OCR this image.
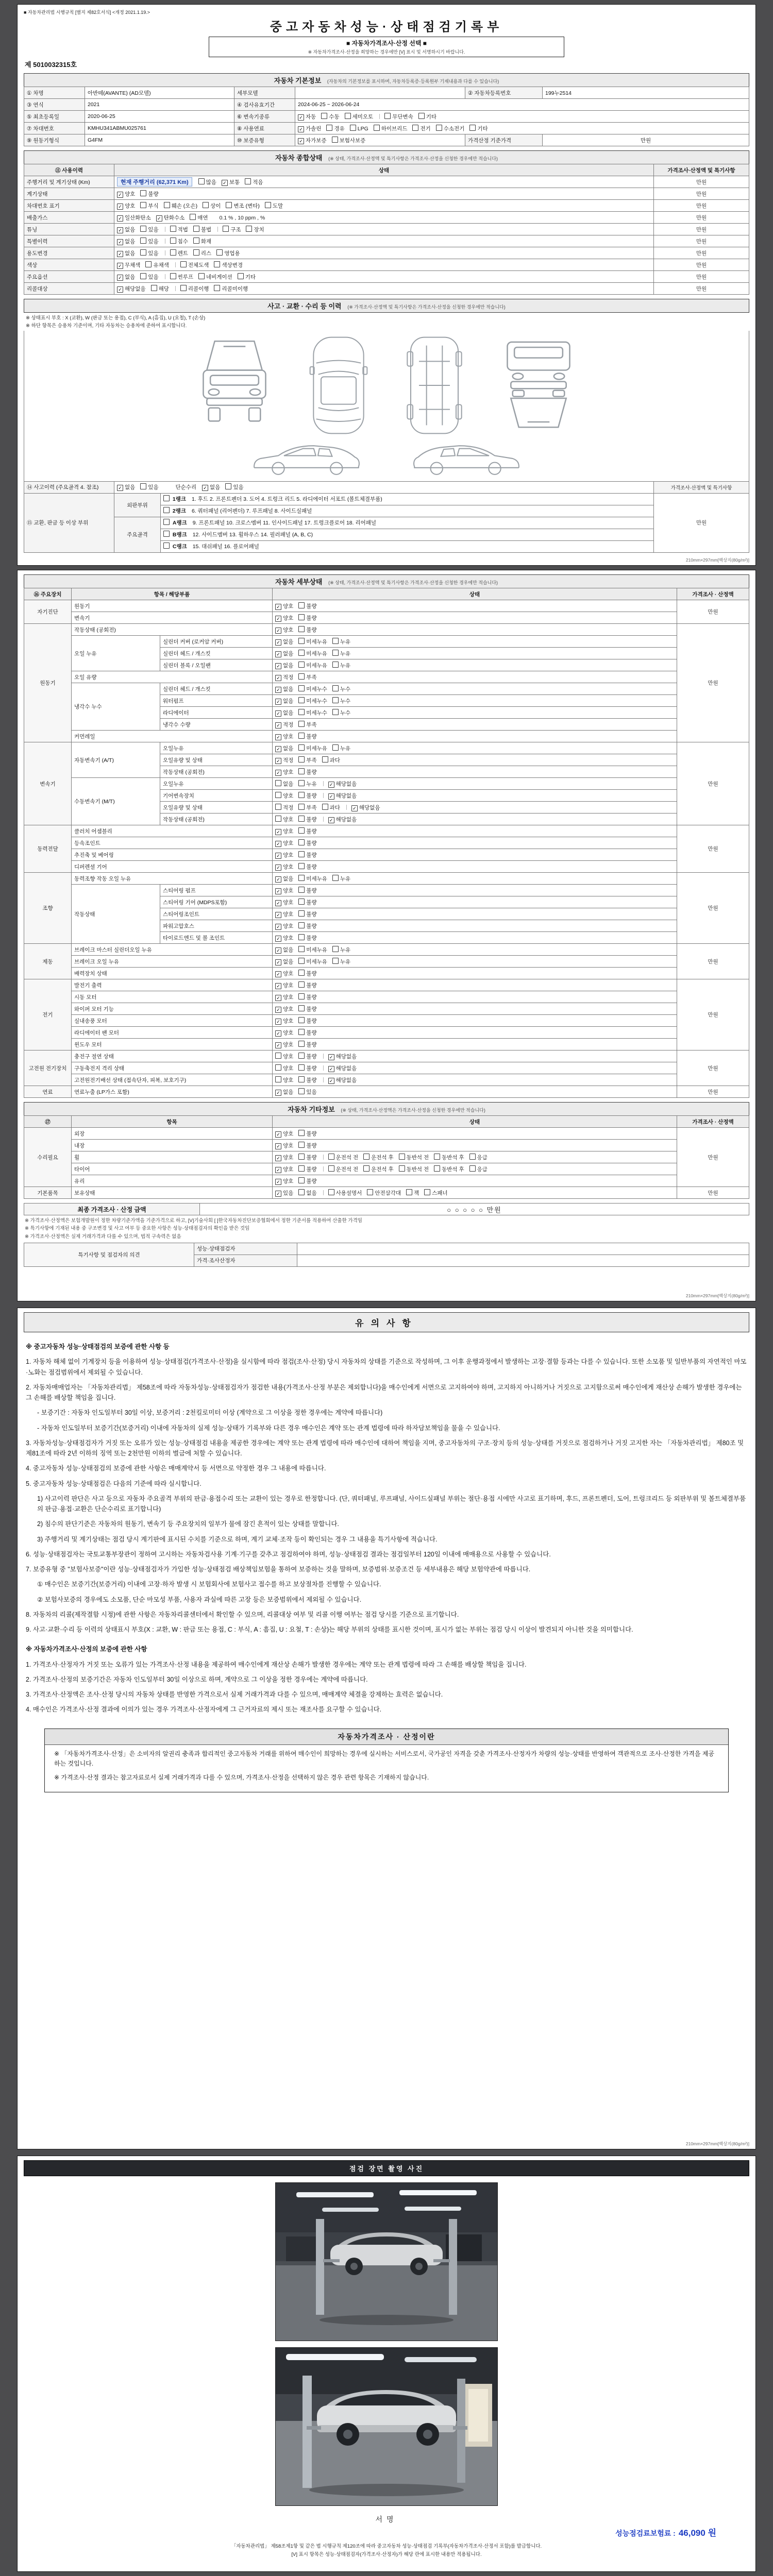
■ 자동차관리법 시행규칙 [별지 제82호서식] <개정 2021.1.19.>
중고자동차성능·상태점검기록부
■ 자동차가격조사·산정 선택 ■
※ 자동차가격조사·산정을 희망하는 경우에만 [V] 표시 및 서명하시기 바랍니다.
제 5010032315호
자동차 기본정보 (자동차의 기본정보를 표시하며, 자동차등록증·등록원부 기재내용과 다를 수 있습니다)
① 차명	아반떼(AVANTE) (AD모델)	세부모델		② 자동차등록번호	199누2514
③ 연식	2021	④ 검사유효기간	2024-06-25 ~ 2026-06-24		
⑤ 최초등록일	2020-06-25	⑥ 변속기종류	✓ 자동 수동 세미오토 무단변속 기타		
⑦ 차대번호	KMHU341ABMU025761	⑧ 사용연료	✓ 가솔린 경유 LPG 하이브리드 전기 수소전기 기타		
⑨ 원동기형식	G4FM	⑩ 보증유형	✓ 자가보증 보험사보증	가격산정 기준가격	만원
자동차 종합상태 (※ 상태, 가격조사·산정액 및 특기사항은 가격조사·산정을 신청한 경우에만 적습니다)
⑪ 사용이력	상태	가격조사·산정액 및 특기사항
주행거리 및 계기상태 (Km)	현재 주행거리 (62,371 Km) 많음 ✓ 보통 적음	만원
계기상태	✓ 양호 불량	만원
차대번호 표기	✓ 양호 부식 훼손 (오손) 상이 변조 (변타) 도말	만원
배출가스	✓ 일산화탄소 ✓ 탄화수소 매연 0.1 % , 10 ppm , %	만원
튜닝	✓ 없음 있음 적법 불법 구조 장치	만원
특별이력	✓ 없음 있음 침수 화재	만원
용도변경	✓ 없음 있음 렌트 리스 영업용	만원
색상	✓ 무채색 유채색 전체도색 색상변경	만원
주요옵션	✓ 없음 있음 썬루프 네비게이션 기타	만원
리콜대상	✓ 해당없음 해당 리콜이행 리콜미이행	만원
사고 · 교환 · 수리 등 이력 (※ 가격조사·산정액 및 특기사항은 가격조사·산정을 신청한 경우에만 적습니다)
※ 상태표시 부호 : X (교환), W (판금 또는 용접), C (부식), A (흠집), U (요철), T (손상)
※ 하단 항목은 승용차 기준이며, 기타 자동차는 승용차에 준하여 표시합니다.
⑭ 사고이력 (주요골격 4. 참조)	✓ 없음 있음 단순수리 ✓ 없음 있음		가격조사·산정액 및 특기사항
⑮ 교환, 판금 등 이상 부위	외판부위	1랭크 1. 후드 2. 프론트펜더 3. 도어 4. 트렁크 리드 5. 라디에이터 서포트 (볼트체결부품)	만원
		2랭크 6. 쿼터패널 (리어펜더) 7. 루프패널 8. 사이드실패널	
	주요골격	A랭크 9. 프론트패널 10. 크로스멤버 11. 인사이드패널 17. 트렁크플로어 18. 리어패널	
		B랭크 12. 사이드멤버 13. 휠하우스 14. 필러패널 (A, B, C)	
		C랭크 15. 대쉬패널 16. 플로어패널	
210mm×297mm[백상지(80g/m²)]
자동차 세부상태 (※ 상태, 가격조사·산정액 및 특기사항은 가격조사·산정을 신청한 경우에만 적습니다)
⑯ 주요장치	항목 / 해당부품		상태	가격조사 · 산정액
자기진단	원동기		✓ 양호 불량	만원
	변속기		✓ 양호 불량	
원동기	작동상태 (공회전)		✓ 양호 불량	만원
	오일 누유	실린더 커버 (로커암 커버)	✓ 없음 미세누유 누유	
		실린더 헤드 / 개스킷	✓ 없음 미세누유 누유	
		실린더 블록 / 오일팬	✓ 없음 미세누유 누유	
	오일 유량		✓ 적정 부족	
	냉각수 누수	실린더 헤드 / 개스킷	✓ 없음 미세누수 누수	
		워터펌프	✓ 없음 미세누수 누수	
		라디에이터	✓ 없음 미세누수 누수	
		냉각수 수량	✓ 적정 부족	
	커먼레일		✓ 양호 불량	
변속기	자동변속기 (A/T)	오일누유	✓ 없음 미세누유 누유	만원
		오일유량 및 상태	✓ 적정 부족 과다	
		작동상태 (공회전)	✓ 양호 불량	
	수동변속기 (M/T)	오일누유	없음 누유 ✓ 해당없음	
		기어변속장치	양호 불량 ✓ 해당없음	
		오일유량 및 상태	적정 부족 과다 ✓ 해당없음	
		작동상태 (공회전)	양호 불량 ✓ 해당없음	
동력전달	클러치 어셈블리		✓ 양호 불량	만원
	등속조인트		✓ 양호 불량	
	추진축 및 베어링		✓ 양호 불량	
	디퍼렌셜 기어		✓ 양호 불량	
조향	동력조향 작동 오일 누유		✓ 없음 미세누유 누유	만원
	작동상태	스티어링 펌프	✓ 양호 불량	
		스티어링 기어 (MDPS포함)	✓ 양호 불량	
		스티어링조인트	✓ 양호 불량	
		파워고압호스	✓ 양호 불량	
		타이로드엔드 및 볼 조인트	✓ 양호 불량	
제동	브레이크 마스터 실린더오일 누유		✓ 없음 미세누유 누유	만원
	브레이크 오일 누유		✓ 없음 미세누유 누유	
	배력장치 상태		✓ 양호 불량	
전기	발전기 출력		✓ 양호 불량	만원
	시동 모터		✓ 양호 불량	
	와이퍼 모터 기능		✓ 양호 불량	
	실내송풍 모터		✓ 양호 불량	
	라디에이터 팬 모터		✓ 양호 불량	
	윈도우 모터		✓ 양호 불량	
고전원 전기장치	충전구 절연 상태		양호 불량 ✓ 해당없음	만원
	구동축전지 격리 상태		양호 불량 ✓ 해당없음	
	고전원전기배선 상태 (접속단자, 피복, 보호기구)		양호 불량 ✓ 해당없음	
연료	연료누출 (LP가스 포함)		✓ 없음 있음	만원
자동차 기타정보 (※ 상태, 가격조사·산정액은 가격조사·산정을 신청한 경우에만 적습니다)
⑰	항목	상태	가격조사 · 산정액
수리필요	외장	✓ 양호 불량	만원
	내장	✓ 양호 불량	
	휠	✓ 양호 불량 운전석 전 운전석 후 동반석 전 동반석 후 응급	
	타이어	✓ 양호 불량 운전석 전 운전석 후 동반석 전 동반석 후 응급	
	유리	✓ 양호 불량	
기본품목	보유상태	✓ 있음 없음 사용설명서 안전삼각대 잭 스패너	만원
최종 가격조사 · 산정 금액	○ ○ ○ ○ ○ 만원

※ 가격조사·산정액은 보험개발원이 정한 차량기준가액을 기준가격으로 하고, [V]기술사회 [ ]한국자동차진단보증협회에서 정한 기준서를 적용하여 산출한 가격임

※ 특기사항에 기재된 내용 중 구조변경 및 사고 여부 등 중요한 사항은 성능·상태점검자의 확인을 받은 것임

※ 가격조사·산정액은 실제 거래가격과 다를 수 있으며, 법적 구속력은 없음

특기사항 및 점검자의 의견	성능·상태점검자	
	가격·조사산정자	
210mm×297mm[백상지(80g/m²)]
유의사항

※ 중고자동차 성능·상태점검의 보증에 관한 사항 등

1. 자동차 해체 없이 기계장치 등을 이용하여 성능·상태점검(가격조사·산정)을 실시함에 따라 점검(조사·산정) 당시 자동차의 상태를 기준으로 작성하며, 그 이후 운행과정에서 발생하는 고장·결함 등과는 다를 수 있습니다. 또한 소모품 및 일반부품의 자연적인 마모·노화는 점검범위에서 제외될 수 있습니다.

2. 자동차매매업자는 「자동차관리법」 제58조에 따라 자동차성능·상태점검자가 점검한 내용(가격조사·산정 부분은 제외합니다)을 매수인에게 서면으로 고지하여야 하며, 고지하지 아니하거나 거짓으로 고지함으로써 매수인에게 재산상 손해가 발생한 경우에는 그 손해를 배상할 책임을 집니다.

- 보증기간 : 자동차 인도일부터 30일 이상, 보증거리 : 2천킬로미터 이상 (계약으로 그 이상을 정한 경우에는 계약에 따릅니다)

- 자동차 인도일부터 보증기간(보증거리) 이내에 자동차의 실제 성능·상태가 기록부와 다른 경우 매수인은 계약 또는 관계 법령에 따라 하자담보책임을 물을 수 있습니다.

3. 자동차성능·상태점검자가 거짓 또는 오류가 있는 성능·상태점검 내용을 제공한 경우에는 계약 또는 관계 법령에 따라 매수인에 대하여 책임을 지며, 중고자동차의 구조·장치 등의 성능·상태를 거짓으로 점검하거나 거짓 고지한 자는 「자동차관리법」 제80조 및 제81조에 따라 2년 이하의 징역 또는 2천만원 이하의 벌금에 처할 수 있습니다.

4. 중고자동차 성능·상태점검의 보증에 관한 사항은 매매계약서 등 서면으로 약정한 경우 그 내용에 따릅니다.

5. 중고자동차 성능·상태점검은 다음의 기준에 따라 실시합니다.

1) 사고이력 판단은 사고 등으로 자동차 주요골격 부위의 판금·용접수리 또는 교환이 있는 경우로 한정합니다. (단, 쿼터패널, 루프패널, 사이드실패널 부위는 절단·용접 시에만 사고로 표기하며, 후드, 프론트펜더, 도어, 트렁크리드 등 외판부위 및 볼트체결부품의 판금·용접·교환은 단순수리로 표기합니다)

2) 침수의 판단기준은 자동차의 원동기, 변속기 등 주요장치의 일부가 물에 잠긴 흔적이 있는 상태를 말합니다.

3) 주행거리 및 계기상태는 점검 당시 계기판에 표시된 수치를 기준으로 하며, 계기 교체·조작 등이 확인되는 경우 그 내용을 특기사항에 적습니다.

6. 성능·상태점검자는 국토교통부장관이 정하여 고시하는 자동차검사용 기계·기구를 갖추고 점검하여야 하며, 성능·상태점검 결과는 점검일부터 120일 이내에 매매용으로 사용할 수 있습니다.

7. 보증유형 중 "보험사보증"이란 성능·상태점검자가 가입한 성능·상태점검 배상책임보험을 통하여 보증하는 것을 말하며, 보증범위·보증조건 등 세부내용은 해당 보험약관에 따릅니다.

① 매수인은 보증기간(보증거리) 이내에 고장·하자 발생 시 보험회사에 보험사고 접수를 하고 보상절차를 진행할 수 있습니다.

② 보험사보증의 경우에도 소모품, 단순 마모성 부품, 사용자 과실에 따른 고장 등은 보증범위에서 제외될 수 있습니다.

8. 자동차의 리콜(제작결함 시정)에 관한 사항은 자동차리콜센터에서 확인할 수 있으며, 리콜대상 여부 및 리콜 이행 여부는 점검 당시를 기준으로 표기합니다.

9. 사고·교환·수리 등 이력의 상태표시 부호(X : 교환, W : 판금 또는 용접, C : 부식, A : 흠집, U : 요철, T : 손상)는 해당 부위의 상태를 표시한 것이며, 표시가 없는 부위는 점검 당시 이상이 발견되지 아니한 것을 의미합니다.

※ 자동차가격조사·산정의 보증에 관한 사항

1. 가격조사·산정자가 거짓 또는 오류가 있는 가격조사·산정 내용을 제공하여 매수인에게 재산상 손해가 발생한 경우에는 계약 또는 관계 법령에 따라 그 손해를 배상할 책임을 집니다.

2. 가격조사·산정의 보증기간은 자동차 인도일부터 30일 이상으로 하며, 계약으로 그 이상을 정한 경우에는 계약에 따릅니다.

3. 가격조사·산정액은 조사·산정 당시의 자동차 상태를 반영한 가격으로서 실제 거래가격과 다를 수 있으며, 매매계약 체결을 강제하는 효력은 없습니다.

4. 매수인은 가격조사·산정 결과에 이의가 있는 경우 가격조사·산정자에게 그 근거자료의 제시 또는 재조사를 요구할 수 있습니다.

자동차가격조사 · 산정이란

※ 「자동차가격조사·산정」은 소비자의 알권리 충족과 합리적인 중고자동차 거래를 위하여 매수인이 희망하는 경우에 실시하는 서비스로서, 국가공인 자격을 갖춘 가격조사·산정자가 차량의 성능·상태를 반영하여 객관적으로 조사·산정한 가격을 제공하는 것입니다.

※ 가격조사·산정 결과는 참고자료로서 실제 거래가격과 다를 수 있으며, 가격조사·산정을 선택하지 않은 경우 관련 항목은 기재하지 않습니다.

210mm×297mm[백상지(80g/m²)]
점검 장면 촬영 사진
서명
성능점검료보험료 : 46,090 원

「자동차관리법」 제58조제1항 및 같은 법 시행규칙 제120조에 따라 중고자동차 성능·상태점검 기록부(자동차가격조사·산정서 포함)를 발급합니다.

[V] 표시 항목은 성능·상태점검자(가격조사·산정자)가 해당 란에 표시한 내용만 적용됩니다.
